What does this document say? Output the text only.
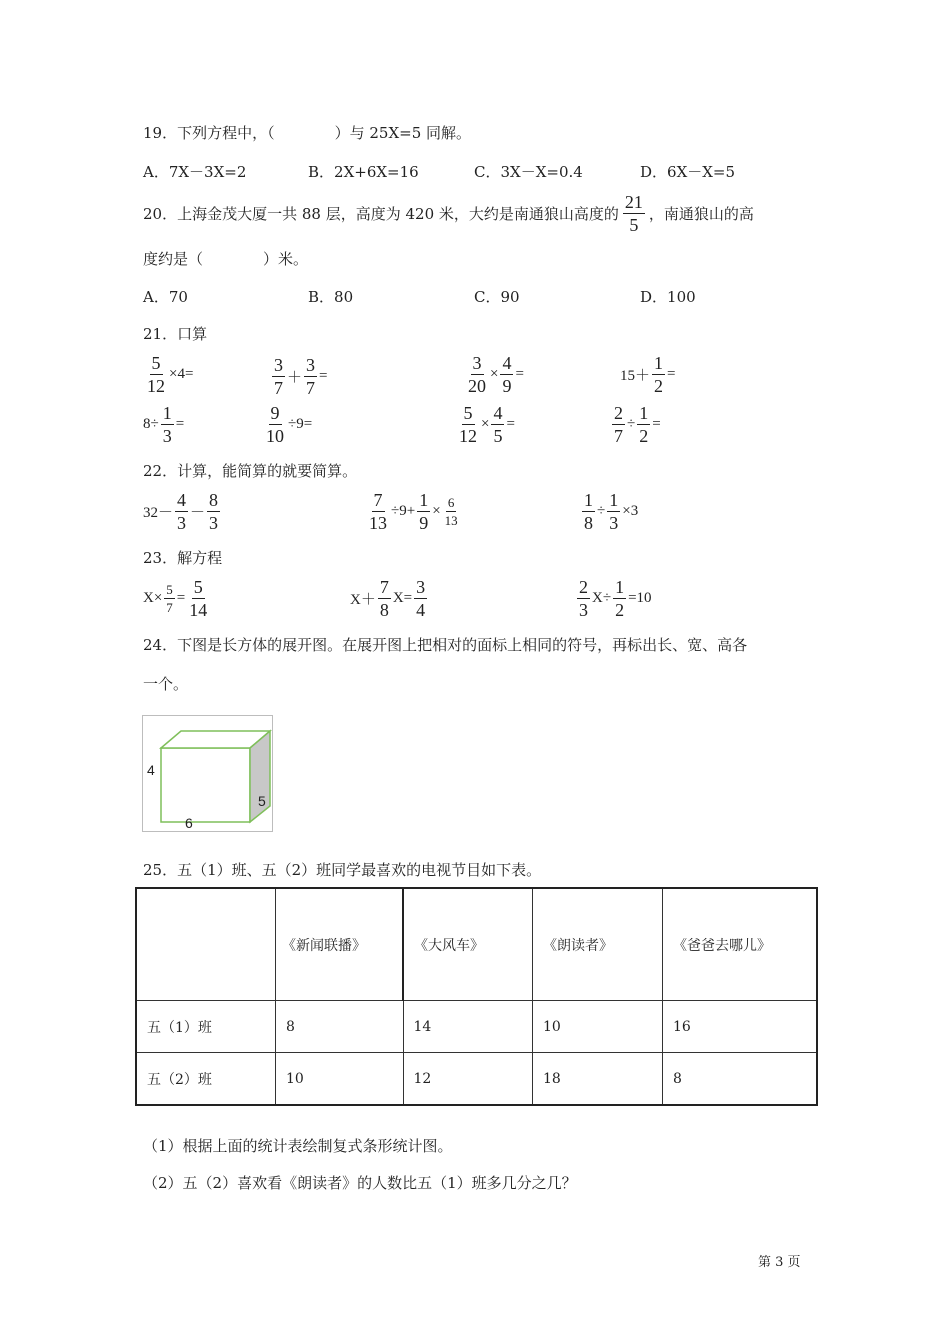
19．下列方程中，（　　　　）与 25X=5 同解。
A．7X－3X=2	B．2X+6X=16	C．3X－X=0.4	D．6X－X=5
20．上海金茂大厦一共 88 层，高度为 420 米，大约是南通狼山高度的 $\frac{21}{5}$ ，南通狼山的高
度约是（　　　　）米。
A．70	B．80	C．90	D．100
21．口算
$\frac{5}{12} \times 4=$	$\frac{3}{7} + \frac{3}{7}$ =	$\frac{3}{20} \times \frac{4}{9}$ =	$15+ \frac{1}{2}$ =
$8\div \frac{1}{3}$ =	$\frac{9}{10} \div 9=$	$\frac{5}{12} \times \frac{4}{5}$ =	$\frac{2}{7} \div \frac{1}{2}$ =
22．计算，能简算的就要简算。
$32- \frac{4}{3} - \frac{8}{3}$	$\frac{7}{13} \div 9+ \frac{1}{9} \times \frac{6}{13}$	$\frac{1}{8} \div \frac{1}{3} \times 3$
23．解方程
$X\times \frac{5}{7} = \frac{5}{14}$	$X+ \frac{7}{8} X= \frac{3}{4}$	$\frac{2}{3} X\div \frac{1}{2} =10$
24．下图是长方体的展开图。在展开图上把相对的面标上相同的符号，再标出长、宽、高各
一个。
4
5
6
25．五（1）班、五（2）班同学最喜欢的电视节目如下表。
	《新闻联播》	《大风车》	《朗读者》	《爸爸去哪儿》
五（1）班	8	14	10	16
五（2）班	10	12	18	8
（1）根据上面的统计表绘制复式条形统计图。
（2）五（2）喜欢看《朗读者》的人数比五（1）班多几分之几？
第 3 页
